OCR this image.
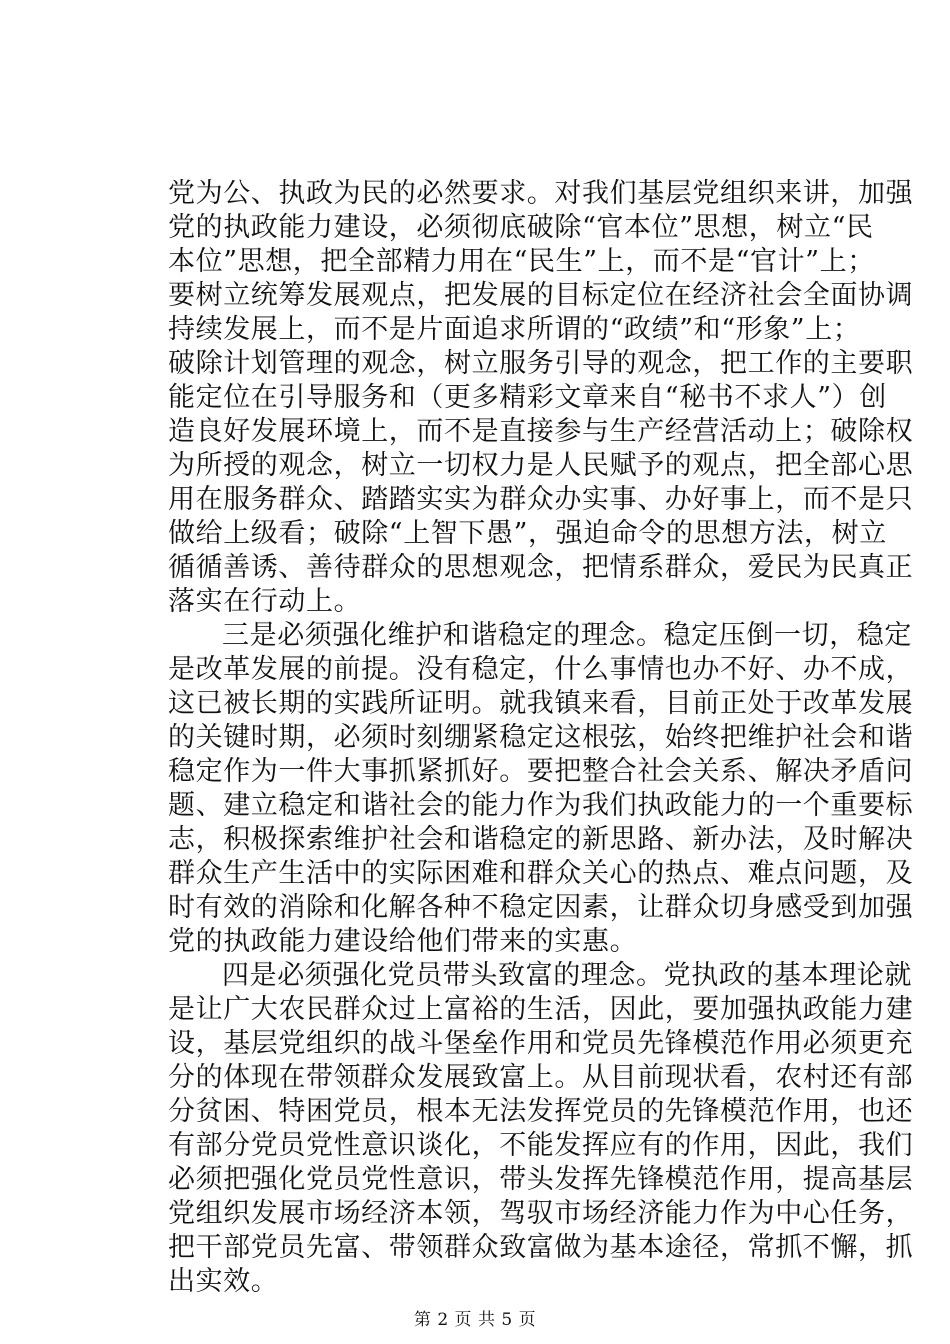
党为公、执政为民的必然要求。对我们基层党组织来讲，加强
党的执政能力建设，必须彻底破除“官本位”思想，树立“民
本位”思想，把全部精力用在“民生”上，而不是“官计”上；
要树立统筹发展观点，把发展的目标定位在经济社会全面协调
持续发展上，而不是片面追求所谓的“政绩”和“形象”上；
破除计划管理的观念，树立服务引导的观念，把工作的主要职
能定位在引导服务和（更多精彩文章来自“秘书不求人”）创
造良好发展环境上，而不是直接参与生产经营活动上；破除权
为所授的观念，树立一切权力是人民赋予的观点，把全部心思
用在服务群众、踏踏实实为群众办实事、办好事上，而不是只
做给上级看；破除“上智下愚”，强迫命令的思想方法，树立
循循善诱、善待群众的思想观念，把情系群众，爱民为民真正
落实在行动上。
三是必须强化维护和谐稳定的理念。稳定压倒一切，稳定
是改革发展的前提。没有稳定，什么事情也办不好、办不成，
这已被长期的实践所证明。就我镇来看，目前正处于改革发展
的关键时期，必须时刻绷紧稳定这根弦，始终把维护社会和谐
稳定作为一件大事抓紧抓好。要把整合社会关系、解决矛盾问
题、建立稳定和谐社会的能力作为我们执政能力的一个重要标
志，积极探索维护社会和谐稳定的新思路、新办法，及时解决
群众生产生活中的实际困难和群众关心的热点、难点问题，及
时有效的消除和化解各种不稳定因素，让群众切身感受到加强
党的执政能力建设给他们带来的实惠。
四是必须强化党员带头致富的理念。党执政的基本理论就
是让广大农民群众过上富裕的生活，因此，要加强执政能力建
设，基层党组织的战斗堡垒作用和党员先锋模范作用必须更充
分的体现在带领群众发展致富上。从目前现状看，农村还有部
分贫困、特困党员，根本无法发挥党员的先锋模范作用，也还
有部分党员党性意识谈化，不能发挥应有的作用，因此，我们
必须把强化党员党性意识，带头发挥先锋模范作用，提高基层
党组织发展市场经济本领，驾驭市场经济能力作为中心任务，
把干部党员先富、带领群众致富做为基本途径，常抓不懈，抓
出实效。
第 2 页 共 5 页
